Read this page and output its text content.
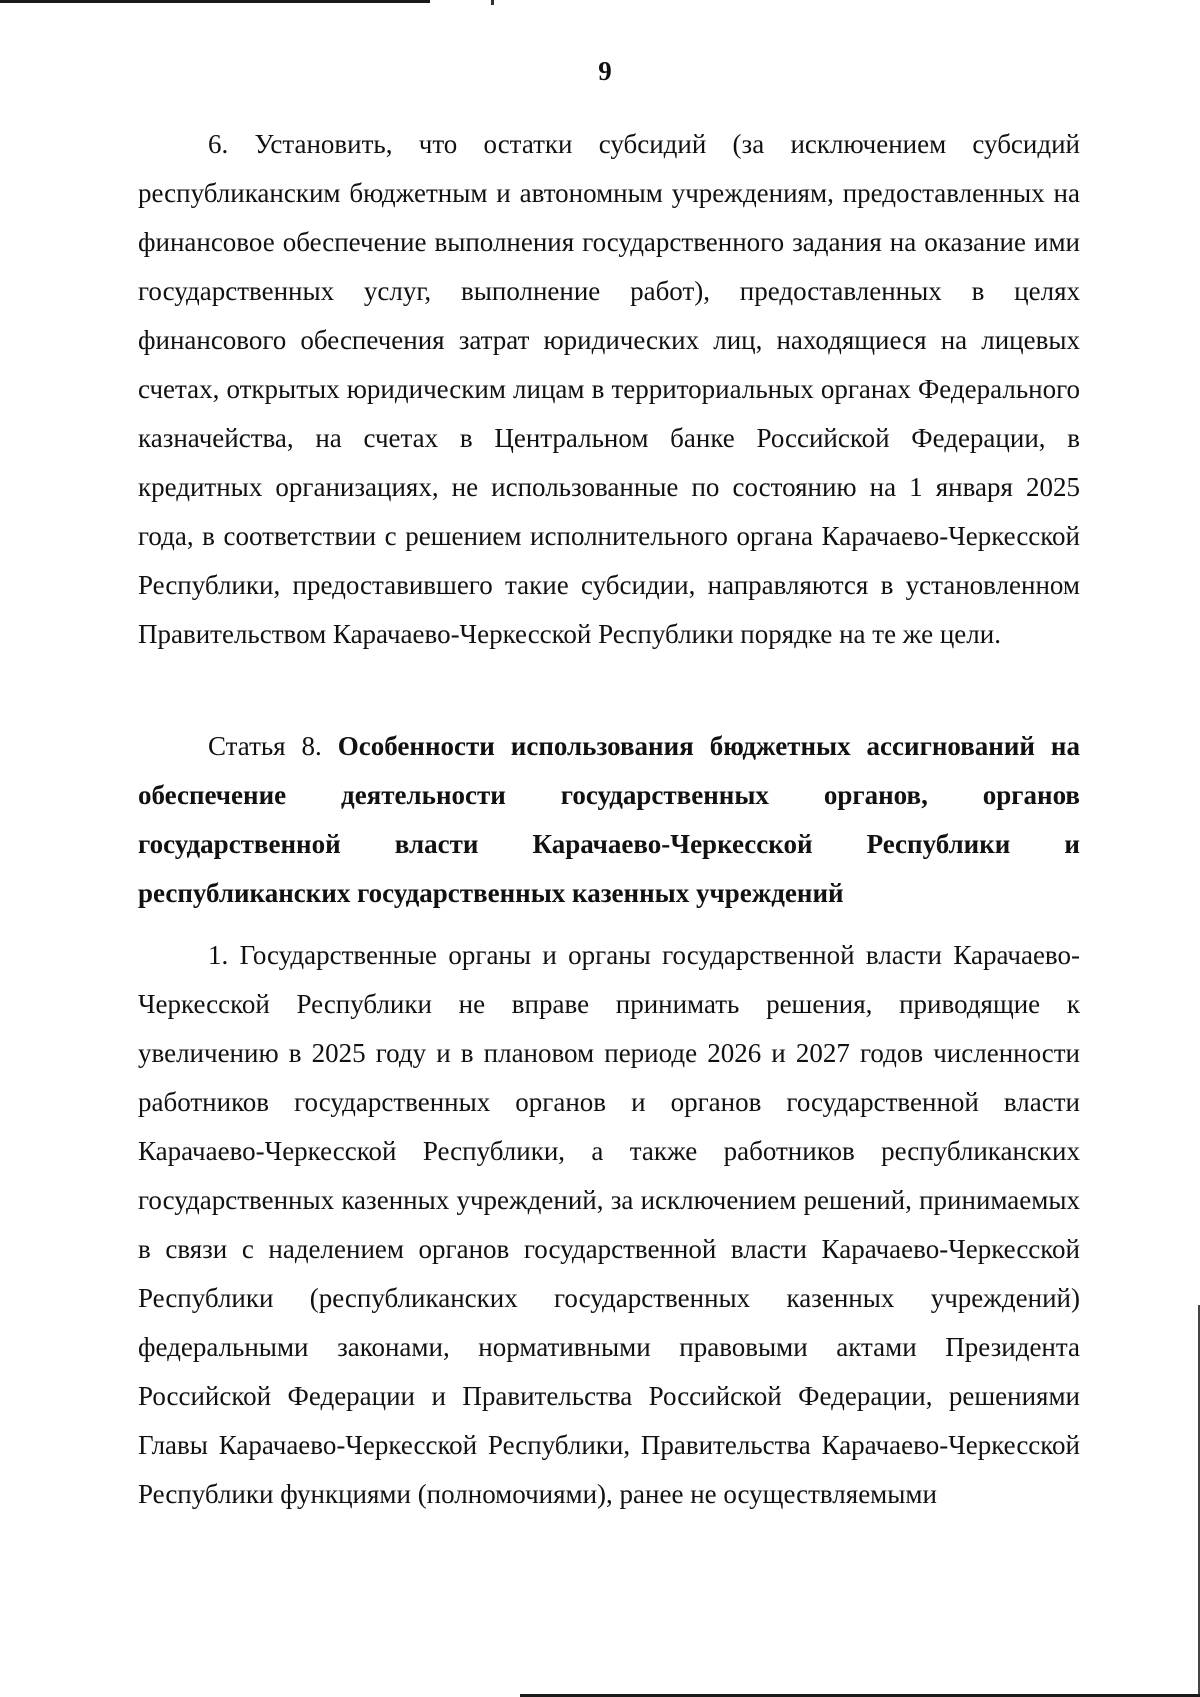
9

6. Установить, что остатки субсидий (за исключением субсидий республиканским бюджетным и автономным учреждениям, предоставленных на финансовое обеспечение выполнения государственного задания на оказание ими государственных услуг, выполнение работ), предоставленных в целях финансового обеспечения затрат юридических лиц, находящиеся на лицевых счетах, открытых юридическим лицам в территориальных органах Федерального казначейства, на счетах в Центральном банке Российской Федерации, в кредитных организациях, не использованные по состоянию на 1 января 2025 года, в соответствии с решением исполнительного органа Карачаево-Черкесской Республики, предоставившего такие субсидии, направляются в установленном Правительством Карачаево-Черкесской Республики порядке на те же цели.

Статья 8. Особенности использования бюджетных ассигнований на обеспечение деятельности государственных органов, органов государственной власти Карачаево-Черкесской Республики и республиканских государственных казенных учреждений

1. Государственные органы и органы государственной власти Карачаево-Черкесской Республики не вправе принимать решения, приводящие к увеличению в 2025 году и в плановом периоде 2026 и 2027 годов численности работников государственных органов и органов государственной власти Карачаево-Черкесской Республики, а также работников республиканских государственных казенных учреждений, за исключением решений, принимаемых в связи с наделением органов государственной власти Карачаево-Черкесской Республики (республиканских государственных казенных учреждений) федеральными законами, нормативными правовыми актами Президента Российской Федерации и Правительства Российской Федерации, решениями Главы Карачаево-Черкесской Республики, Правительства Карачаево-Черкесской Республики функциями (полномочиями), ранее не осуществляемыми
